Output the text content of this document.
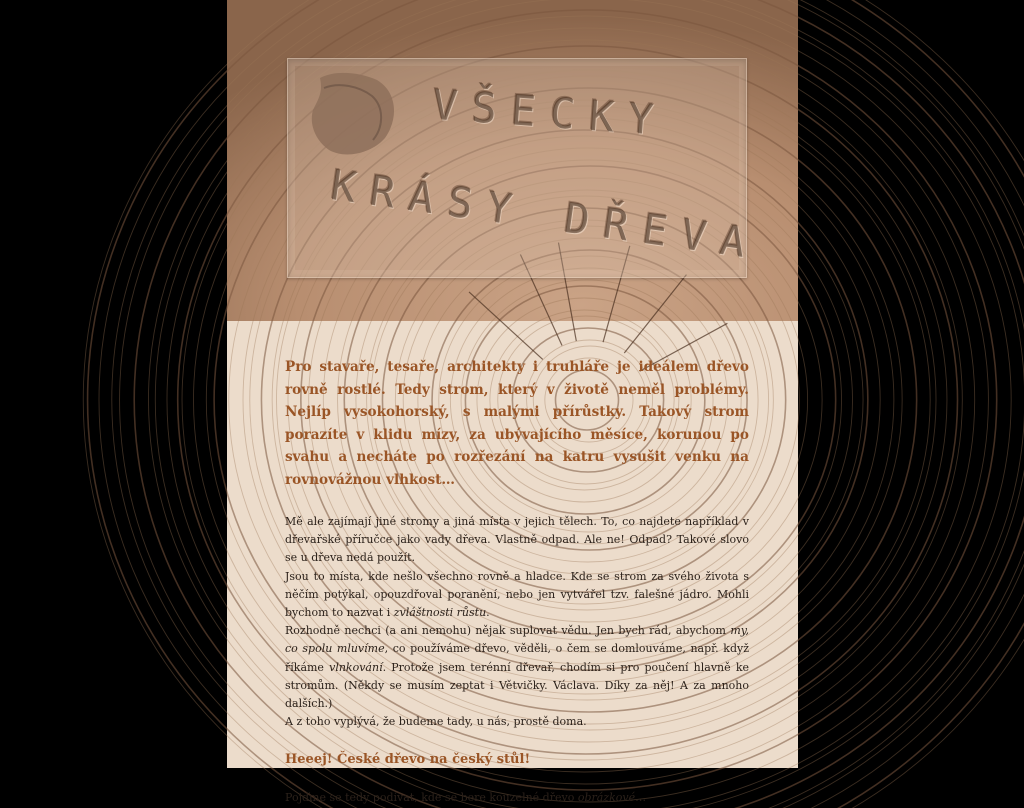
VŠECKY
KRÁSY DŘEVA

Pro stavaře, tesaře, architekty i truhláře je ideálem dřevo rovně rostlé. Tedy strom, který v životě neměl problémy. Nejlíp vysokohorský, s malými přírůstky. Takový strom porazíte v klidu mízy, za ubývajícího měsíce, korunou po svahu a necháte po rozřezání na katru vysušit venku na rovnovážnou vlhkost…

Mě ale zajímají jiné stromy a jiná místa v jejich tělech. To, co najdete například v dřevařské příručce jako vady dřeva. Vlastně odpad. Ale ne! Odpad? Takové slovo se u dřeva nedá použít.

Jsou to místa, kde nešlo všechno rovně a hladce. Kde se strom za svého života s něčím potýkal, opouzdřoval poranění, nebo jen vytvářel tzv. falešné jádro. Mohli bychom to nazvat i zvláštnosti růstu.

Rozhodně nechci (a ani nemohu) nějak suplovat vědu. Jen bych rád, abychom my, co spolu mluvíme, co používáme dřevo, věděli, o čem se domlouváme, např. když říkáme vlnkování. Protože jsem terénní dřevař, chodím si pro poučení hlavně ke stromům. (Někdy se musím zeptat i Větvičky. Václava. Díky za něj! A za mnoho dalších.)

A z toho vyplývá, že budeme tady, u nás, prostě doma.

Heeej! České dřevo na český stůl!

Pojďme se tedy podívat, kde se bere kouzelné dřevo obrázkové…
